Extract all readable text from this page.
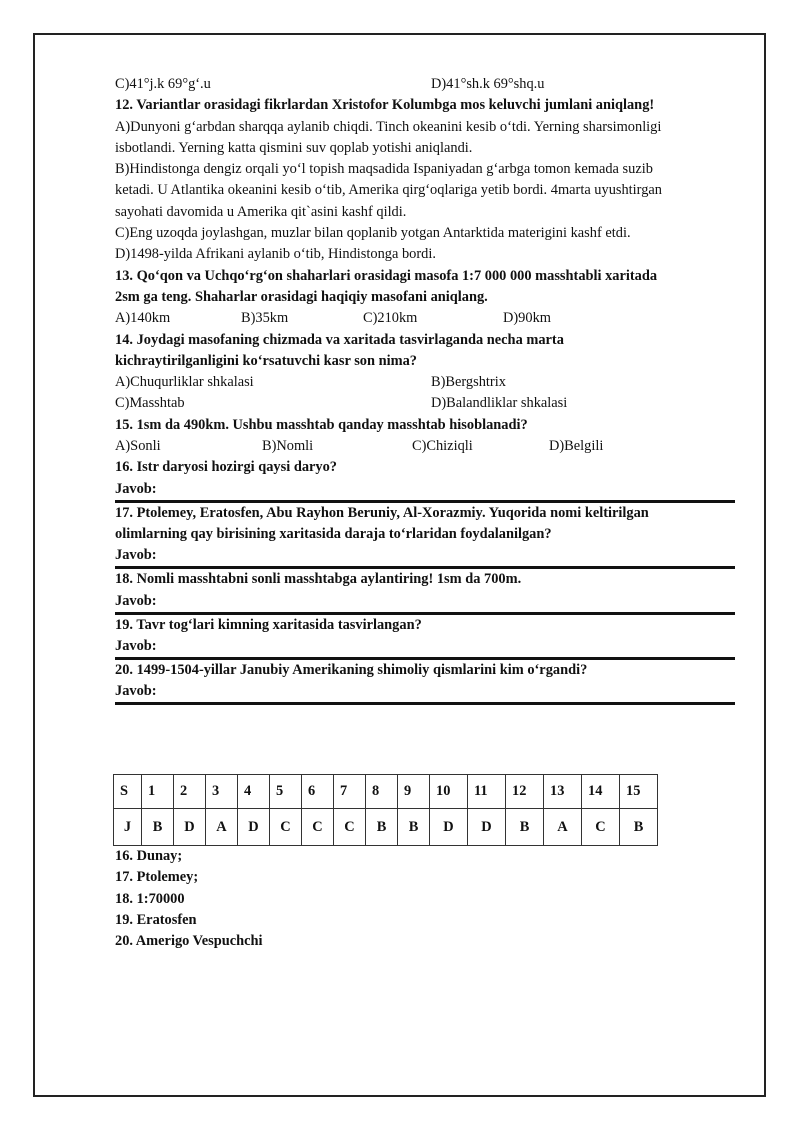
C)41°j.k 69°g‘.u	D)41°sh.k 69°shq.u
12. Variantlar orasidagi fikrlardan Xristofor Kolumbga mos keluvchi jumlani aniqlang!
A)Dunyoni g‘arbdan sharqqa aylanib chiqdi. Tinch okeanini kesib o‘tdi. Yerning sharsimonligi
isbotlandi. Yerning katta qismini suv qoplab yotishi aniqlandi.
B)Hindistonga dengiz orqali yo‘l topish maqsadida Ispaniyadan g‘arbga tomon kemada suzib
ketadi. U Atlantika okeanini kesib o‘tib, Amerika qirg‘oqlariga yetib bordi. 4marta uyushtirgan
sayohati davomida u Amerika qit`asini kashf qildi.
C)Eng uzoqda joylashgan, muzlar bilan qoplanib yotgan Antarktida materigini kashf etdi.
D)1498-yilda Afrikani aylanib o‘tib, Hindistonga bordi.
13. Qo‘qon va Uchqo‘rg‘on shaharlari orasidagi masofa 1:7 000 000 masshtabli xaritada
2sm ga teng. Shaharlar orasidagi haqiqiy masofani aniqlang.
A)140km	B)35km	C)210km	D)90km
14. Joydagi masofaning chizmada va xaritada tasvirlaganda necha marta
kichraytirilganligini ko‘rsatuvchi kasr son nima?
A)Chuqurliklar shkalasi	B)Bergshtrix
C)Masshtab	D)Balandliklar shkalasi
15. 1sm da 490km. Ushbu masshtab qanday masshtab hisoblanadi?
A)Sonli	B)Nomli	C)Chiziqli	D)Belgili
16. Istr daryosi hozirgi qaysi daryo?
Javob:
17. Ptolemey, Eratosfen, Abu Rayhon Beruniy, Al-Xorazmiy. Yuqorida nomi keltirilgan
olimlarning qay birisining xaritasida daraja to‘rlaridan foydalanilgan?
Javob:
18. Nomli masshtabni sonli masshtabga aylantiring! 1sm da 700m.
Javob:
19. Tavr tog‘lari kimning xaritasida tasvirlangan?
Javob:
20. 1499-1504-yillar Janubiy Amerikaning shimoliy qismlarini kim o‘rgandi?
Javob:
S	1	2	3	4	5	6	7	8	9	10	11	12	13	14	15
J	B	D	A	D	C	C	C	B	B	D	D	B	A	C	B
16. Dunay;
17. Ptolemey;
18. 1:70000
19. Eratosfen
20. Amerigo Vespuchchi
